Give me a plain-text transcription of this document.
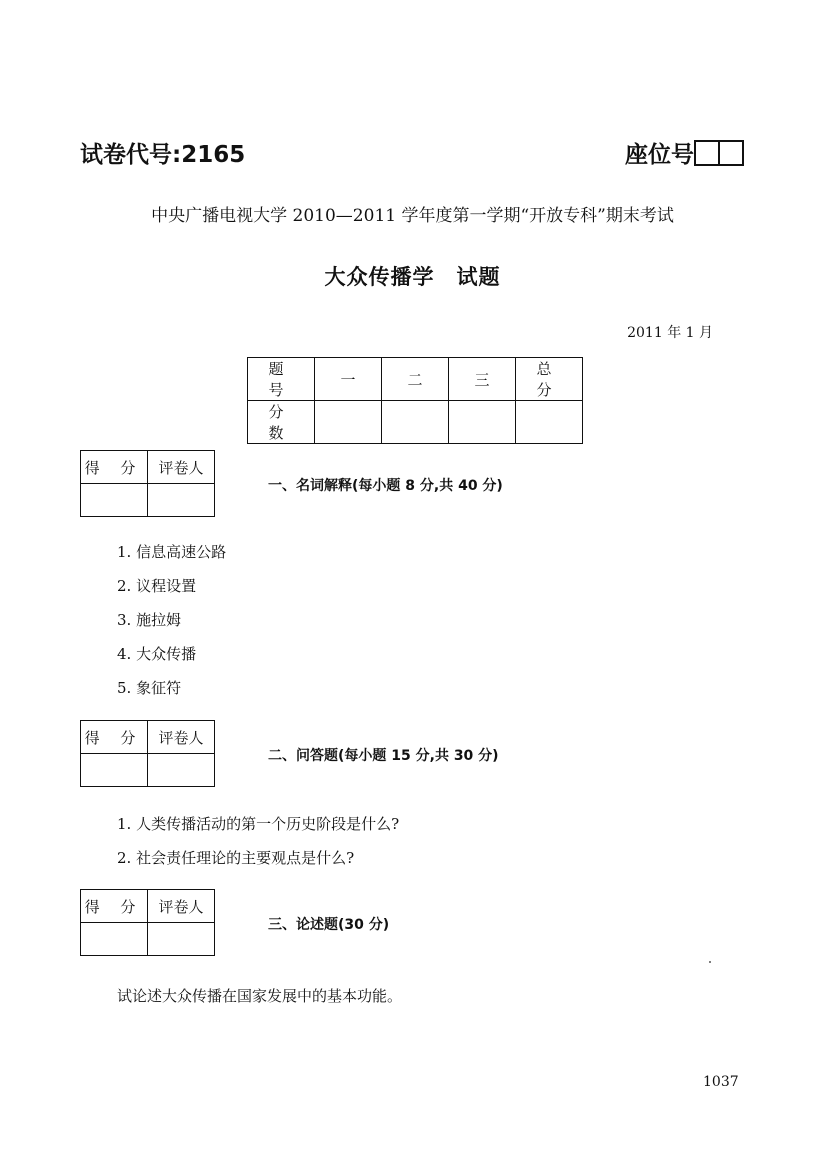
试卷代号:2165	座位号
中央广播电视大学 2010—2011 学年度第一学期“开放专科”期末考试
大众传播学　试题
2011 年 1 月
题　号	一	二	三	总　分
分　数				
得 分	评卷人

一、名词解释(每小题 8 分,共 40 分)
1. 信息高速公路
2. 议程设置
3. 施拉姆
4. 大众传播
5. 象征符
得 分	评卷人

二、问答题(每小题 15 分,共 30 分)
1. 人类传播活动的第一个历史阶段是什么?
2. 社会责任理论的主要观点是什么?
得 分	评卷人

三、论述题(30 分)
试论述大众传播在国家发展中的基本功能。
1037
